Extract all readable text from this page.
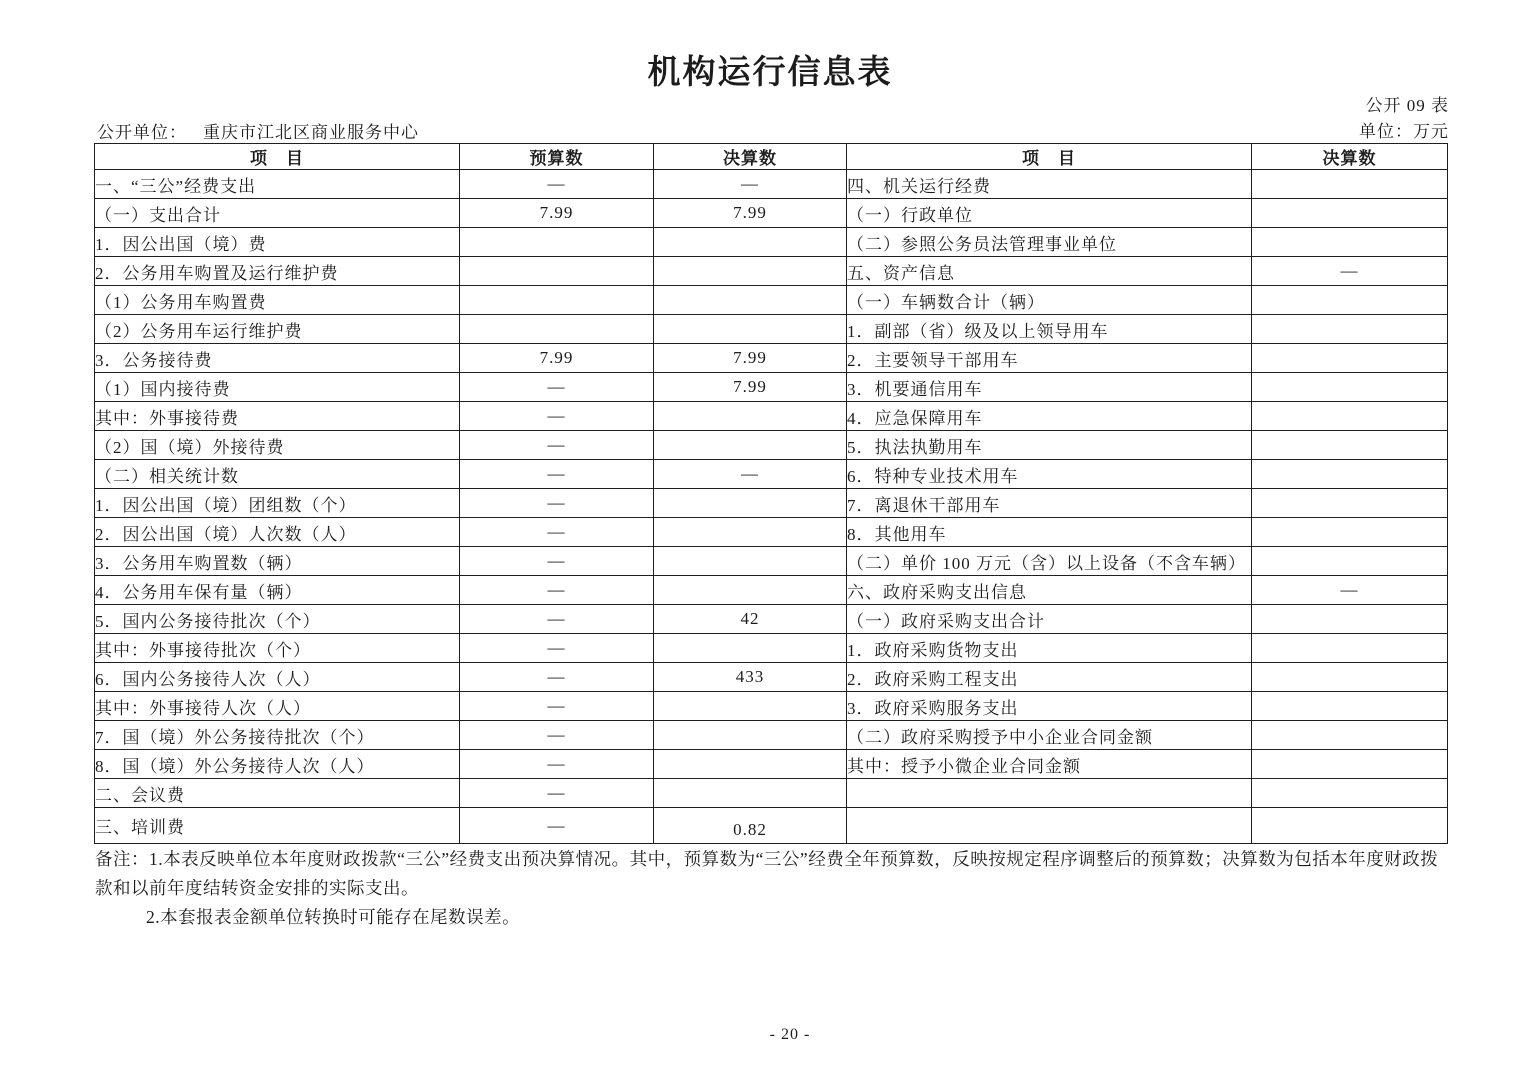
机构运行信息表
公开 09 表
公开单位： 重庆市江北区商业服务中心	单位：万元
项　目	预算数	决算数	项　目	决算数
一、“三公”经费支出	—	—	四、机关运行经费	
（一）支出合计	7.99	7.99	（一）行政单位	
1．因公出国（境）费			（二）参照公务员法管理事业单位	
2．公务用车购置及运行维护费			五、资产信息	—
（1）公务用车购置费			（一）车辆数合计（辆）	
（2）公务用车运行维护费			1．副部（省）级及以上领导用车	
3．公务接待费	7.99	7.99	2．主要领导干部用车	
（1）国内接待费	—	7.99	3．机要通信用车	
其中：外事接待费	—		4．应急保障用车	
（2）国（境）外接待费	—		5．执法执勤用车	
（二）相关统计数	—	—	6．特种专业技术用车	
1．因公出国（境）团组数（个）	—		7．离退休干部用车	
2．因公出国（境）人次数（人）	—		8．其他用车	
3．公务用车购置数（辆）	—		（二）单价 100 万元（含）以上设备（不含车辆）	
4．公务用车保有量（辆）	—		六、政府采购支出信息	—
5．国内公务接待批次（个）	—	42	（一）政府采购支出合计	
其中：外事接待批次（个）	—		1．政府采购货物支出	
6．国内公务接待人次（人）	—	433	2．政府采购工程支出	
其中：外事接待人次（人）	—		3．政府采购服务支出	
7．国（境）外公务接待批次（个）	—		（二）政府采购授予中小企业合同金额	
8．国（境）外公务接待人次（人）	—		其中：授予小微企业合同金额	
二、会议费	—			
三、培训费	—	0.82		
备注：1.本表反映单位本年度财政拨款“三公”经费支出预决算情况。其中，预算数为“三公”经费全年预算数，反映按规定程序调整后的预算数；决算数为包括本年度财政拨
款和以前年度结转资金安排的实际支出。
2.本套报表金额单位转换时可能存在尾数误差。
- 20 -
